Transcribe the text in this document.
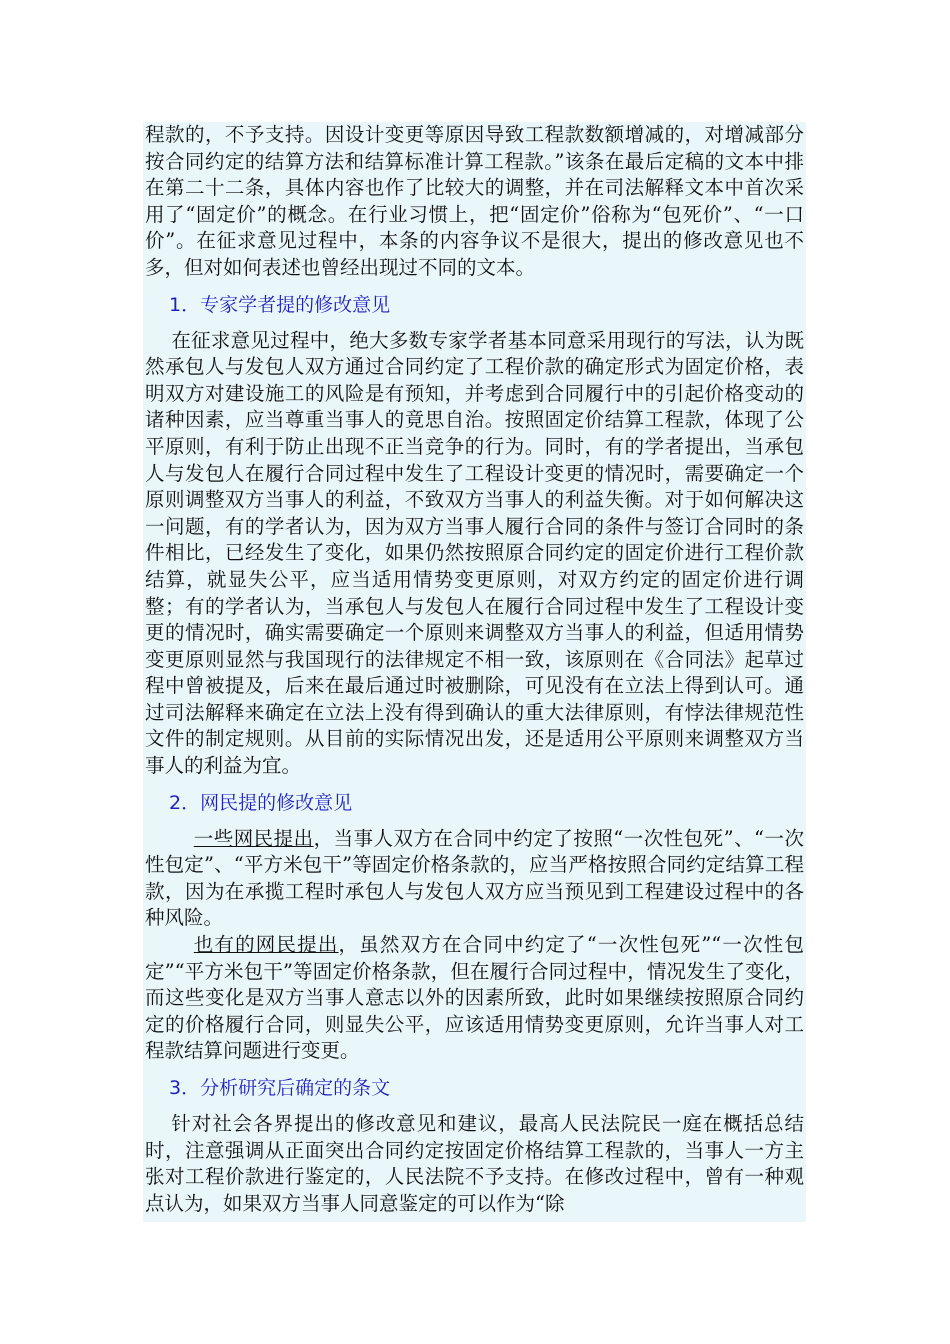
程款的，不予支持。因设计变更等原因导致工程款数额增减的，对增减部分按合同约定的结算方法和结算标准计算工程款。”该条在最后定稿的文本中排在第二十二条，具体内容也作了比较大的调整，并在司法解释文本中首次采用了“固定价”的概念。在行业习惯上，把“固定价”俗称为“包死价”、“一口价”。在征求意见过程中，本条的内容争议不是很大，提出的修改意见也不多，但对如何表述也曾经出现过不同的文本。

1．专家学者提的修改意见

在征求意见过程中，绝大多数专家学者基本同意采用现行的写法，认为既然承包人与发包人双方通过合同约定了工程价款的确定形式为固定价格，表明双方对建设施工的风险是有预知，并考虑到合同履行中的引起价格变动的诸种因素，应当尊重当事人的竟思自治。按照固定价结算工程款，体现了公平原则，有利于防止出现不正当竞争的行为。同时，有的学者提出，当承包人与发包人在履行合同过程中发生了工程设计变更的情况时，需要确定一个原则调整双方当事人的利益，不致双方当事人的利益失衡。对于如何解决这一问题，有的学者认为，因为双方当事人履行合同的条件与签订合同时的条件相比，已经发生了变化，如果仍然按照原合同约定的固定价进行工程价款结算，就显失公平，应当适用情势变更原则，对双方约定的固定价进行调整；有的学者认为，当承包人与发包人在履行合同过程中发生了工程设计变更的情况时，确实需要确定一个原则来调整双方当事人的利益，但适用情势变更原则显然与我国现行的法律规定不相一致，该原则在《合同法》起草过程中曾被提及，后来在最后通过时被删除，可见没有在立法上得到认可。通过司法解释来确定在立法上没有得到确认的重大法律原则，有悖法律规范性文件的制定规则。从目前的实际情况出发，还是适用公平原则来调整双方当事人的利益为宜。

2．网民提的修改意见

一些网民提出，当事人双方在合同中约定了按照“一次性包死”、“一次性包定”、“平方米包干”等固定价格条款的，应当严格按照合同约定结算工程款，因为在承揽工程时承包人与发包人双方应当预见到工程建设过程中的各种风险。

也有的网民提出，虽然双方在合同中约定了“一次性包死”“一次性包定”“平方米包干”等固定价格条款，但在履行合同过程中，情况发生了变化，而这些变化是双方当事人意志以外的因素所致，此时如果继续按照原合同约定的价格履行合同，则显失公平，应该适用情势变更原则，允许当事人对工程款结算问题进行变更。

3．分析研究后确定的条文

针对社会各界提出的修改意见和建议，最高人民法院民一庭在概括总结时，注意强调从正面突出合同约定按固定价格结算工程款的，当事人一方主张对工程价款进行鉴定的，人民法院不予支持。在修改过程中，曾有一种观点认为，如果双方当事人同意鉴定的可以作为“除
